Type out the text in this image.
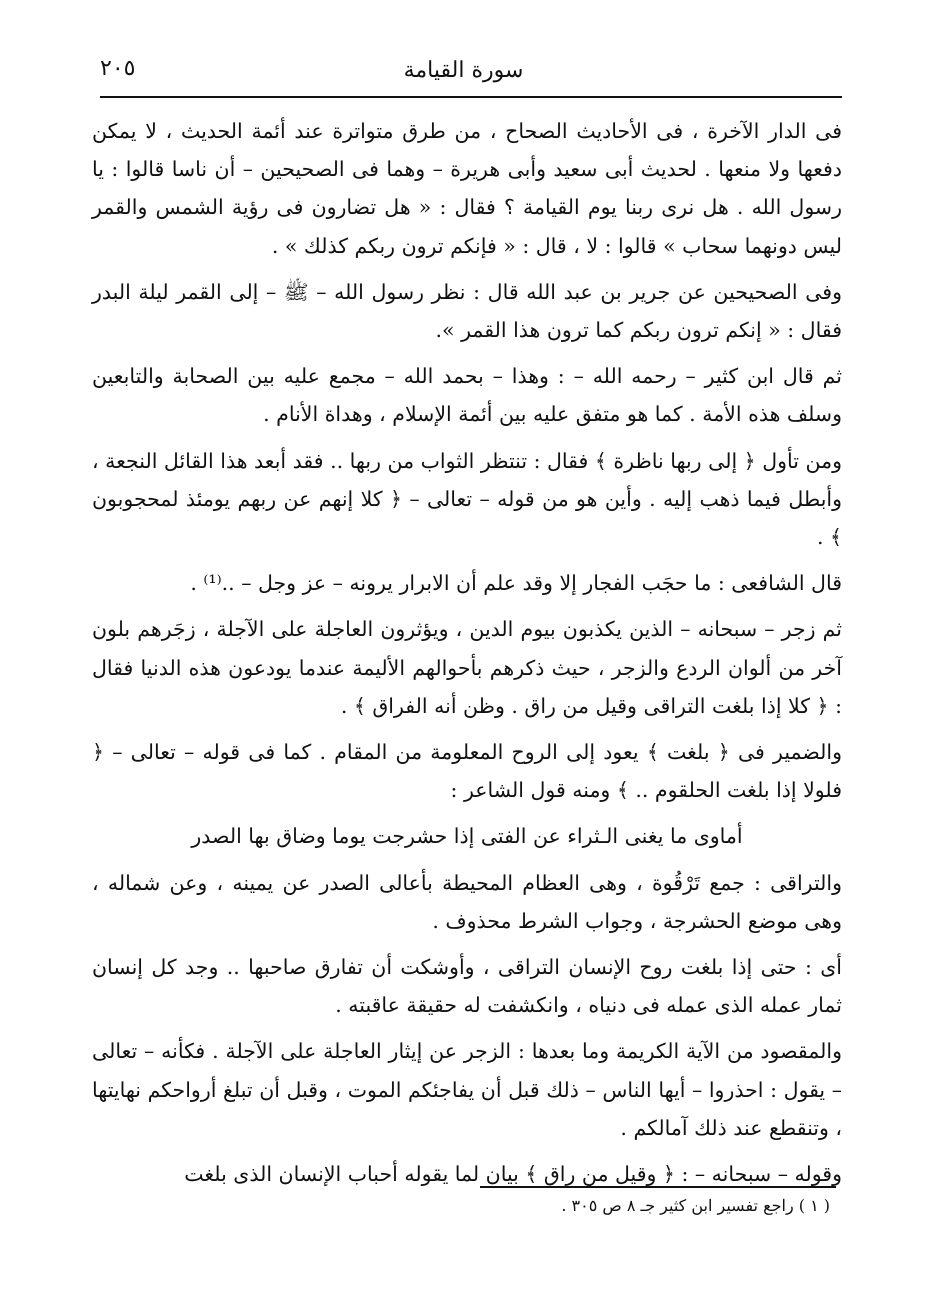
٢٠٥	سورة القيامة

فى الدار الآخرة ، فى الأحاديث الصحاح ، من طرق متواترة عند أئمة الحديث ، لا يمكن دفعها ولا منعها . لحديث أبى سعيد وأبى هريرة – وهما فى الصحيحين – أن ناسا قالوا : يا رسول الله . هل نرى ربنا يوم القيامة ؟ فقال : « هل تضارون فى رؤية الشمس والقمر ليس دونهما سحاب » قالوا : لا ، قال : « فإنكم ترون ربكم كذلك » .

وفى الصحيحين عن جرير بن عبد الله قال : نظر رسول الله – ﷺ – إلى القمر ليلة البدر فقال : « إنكم ترون ربكم كما ترون هذا القمر ».

ثم قال ابن كثير – رحمه الله – : وهذا – بحمد الله – مجمع عليه بين الصحابة والتابعين وسلف هذه الأمة . كما هو متفق عليه بين أئمة الإسلام ، وهداة الأنام .

ومن تأول ﴿ إلى ربها ناظرة ﴾ فقال : تنتظر الثواب من ربها .. فقد أبعد هذا القائل النجعة ، وأبطل فيما ذهب إليه . وأين هو من قوله – تعالى – ﴿ كلا إنهم عن ربهم يومئذ لمحجوبون ﴾ .

قال الشافعى : ما حجَب الفجار إلا وقد علم أن الابرار يرونه – عز وجل – ..⁽¹⁾ .

ثم زجر – سبحانه – الذين يكذبون بيوم الدين ، ويؤثرون العاجلة على الآجلة ، زجَرهم بلون آخر من ألوان الردع والزجر ، حيث ذكرهم بأحوالهم الأليمة عندما يودعون هذه الدنيا فقال : ﴿ كلا إذا بلغت التراقى وقيل من راق . وظن أنه الفراق ﴾ .

والضمير فى ﴿ بلغت ﴾ يعود إلى الروح المعلومة من المقام . كما فى قوله – تعالى – ﴿ فلولا إذا بلغت الحلقوم .. ﴾ ومنه قول الشاعر :

أماوى ما يغنى الـثراء عن الفتى إذا حشرجت يوما وضاق بها الصدر

والتراقى : جمع تَرْقُوة ، وهى العظام المحيطة بأعالى الصدر عن يمينه ، وعن شماله ، وهى موضع الحشرجة ، وجواب الشرط محذوف .

أى : حتى إذا بلغت روح الإنسان التراقى ، وأوشكت أن تفارق صاحبها .. وجد كل إنسان ثمار عمله الذى عمله فى دنياه ، وانكشفت له حقيقة عاقبته .

والمقصود من الآية الكريمة وما بعدها : الزجر عن إيثار العاجلة على الآجلة . فكأنه – تعالى – يقول : احذروا – أيها الناس – ذلك قبل أن يفاجئكم الموت ، وقبل أن تبلغ أرواحكم نهايتها ، وتنقطع عند ذلك آمالكم .

وقوله – سبحانه – : ﴿ وقيل من راق ﴾ بيان لما يقوله أحباب الإنسان الذى بلغت

( ١ ) راجع تفسير ابن كثير جـ ٨ ص ٣٠٥ .
